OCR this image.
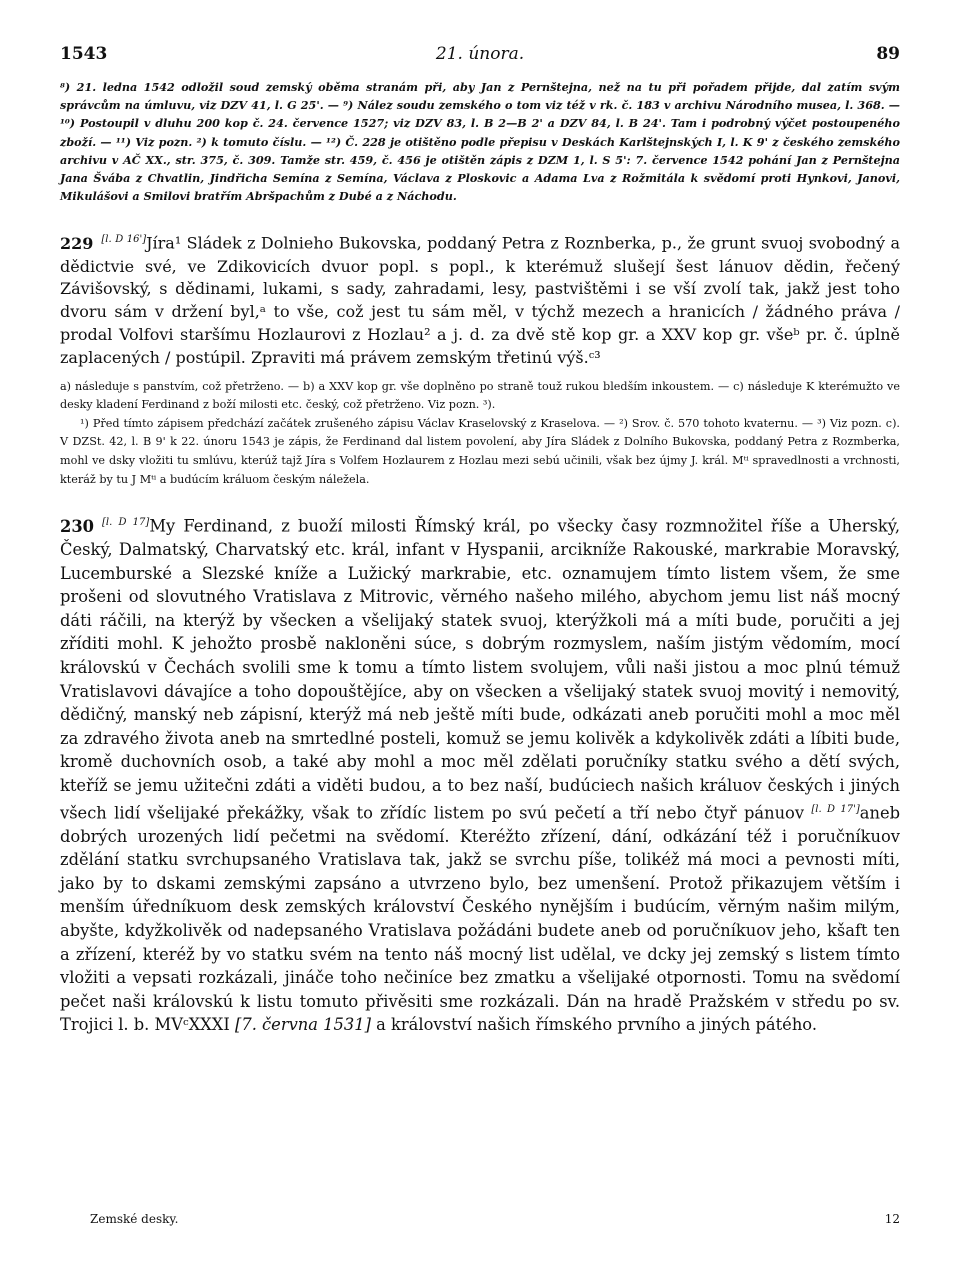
1543	21. února.	89
⁸) 21. ledna 1542 odložil soud zemský oběma stranám při, aby Jan z Pernštejna, než na tu při pořadem přijde, dal zatím svým správcům na úmluvu, viz DZV 41, l. G 25'. — ⁹) Nález soudu zemského o tom viz též v rk. č. 183 v archivu Národního musea, l. 368. — ¹⁰) Postoupil v dluhu 200 kop č. 24. července 1527; viz DZV 83, l. B 2—B 2' a DZV 84, l. B 24'. Tam i podrobný výčet postoupeného zboží. — ¹¹) Viz pozn. ²) k tomuto číslu. — ¹²) Č. 228 je otištěno podle přepisu v Deskách Karlštejnských I, l. K 9' z českého zemského archivu v AČ XX., str. 375, č. 309. Tamže str. 459, č. 456 je otištěn zápis z DZM 1, l. S 5': 7. července 1542 pohání Jan z Pernštejna Jana Švába z Chvatlin, Jindřicha Semína z Semína, Václava z Ploskovic a Adama Lva z Rožmitála k svědomí proti Hynkovi, Janovi, Mikulášovi a Smilovi bratřím Abršpachům z Dubé a z Náchodu.
229 [l. D 16']Jíra¹ Sládek z Dolnieho Bukovska, poddaný Petra z Roznberka, p., že grunt svuoj svobodný a dědictvie své, ve Zdikovicích dvuor popl. s popl., k kterémuž slušejí šest lánuov dědin, řečený Závišovský, s dědinami, lukami, s sady, zahradami, lesy, pastvištěmi i se vší zvolí tak, jakž jest toho dvoru sám v držení byl,ᵃ to vše, což jest tu sám měl, v týchž mezech a hranicích / žádného práva / prodal Volfovi staršímu Hozlaurovi z Hozlau² a j. d. za dvě stě kop gr. a XXV kop gr. všeᵇ pr. č. úplně zaplacených / postúpil. Zpraviti má právem zemským třetinú výš.ᶜ³

a) následuje s panstvím, což přetrženo. — b) a XXV kop gr. vše doplněno po straně touž rukou bledším inkoustem. — c) následuje K kterémužto ve desky kladení Ferdinand z boží milosti etc. český, což přetrženo. Viz pozn. ³).

¹) Před tímto zápisem předchází začátek zrušeného zápisu Václav Kraselovský z Kraselova. — ²) Srov. č. 570 tohoto kvaternu. — ³) Viz pozn. c). V DZSt. 42, l. B 9' k 22. únoru 1543 je zápis, že Ferdinand dal listem povolení, aby Jíra Sládek z Dolního Bukovska, poddaný Petra z Rozmberka, mohl ve dsky vložiti tu smlúvu, kterúž tajž Jíra s Volfem Hozlaurem z Hozlau mezi sebú učinili, však bez újmy J. král. Mᵗⁱ spravedlnosti a vrchnosti, kteráž by tu J Mᵗⁱ a budúcím králuom českým náležela.

230 [l. D 17]My Ferdinand, z buoží milosti Římský král, po všecky časy rozmnožitel říše a Uherský, Český, Dalmatský, Charvatský etc. král, infant v Hyspanii, arcikníže Rakouské, markrabie Moravský, Lucemburské a Slezské kníže a Lužický markrabie, etc. oznamujem tímto listem všem, že sme prošeni od slovutného Vratislava z Mitrovic, věrného našeho milého, abychom jemu list náš mocný dáti ráčili, na kterýž by všecken a všelijaký statek svuoj, kterýžkoli má a míti bude, poručiti a jej zříditi mohl. K jehožto prosbě nakloněni súce, s dobrým rozmyslem, naším jistým vědomím, mocí královskú v Čechách svolili sme k tomu a tímto listem svolujem, vůli naši jistou a moc plnú témuž Vratislavovi dávajíce a toho dopouštějíce, aby on všecken a všelijaký statek svuoj movitý i nemovitý, dědičný, manský neb zápisní, kterýž má neb ještě míti bude, odkázati aneb poručiti mohl a moc měl za zdravého života aneb na smrtedlné posteli, komuž se jemu kolivěk a kdykolivěk zdáti a líbiti bude, kromě duchovních osob, a také aby mohl a moc měl zdělati poručníky statku svého a dětí svých, kteříž se jemu užitečni zdáti a viděti budou, a to bez naší, budúciech našich králuov českých i jiných všech lidí všelijaké překážky, však to zřídíc listem po svú pečetí a tří nebo čtyř pánuov [l. D 17']aneb dobrých urozených lidí pečetmi na svědomí. Kteréžto zřízení, dání, odkázání též i poručníkuov zdělání statku svrchupsaného Vratislava tak, jakž se svrchu píše, tolikéž má moci a pevnosti míti, jako by to dskami zemskými zapsáno a utvrzeno bylo, bez umenšení. Protož přikazujem větším i menším úředníkuom desk zemských království Českého nynějším i budúcím, věrným našim milým, abyšte, kdyžkolivěk od nadepsaného Vratislava požádáni budete aneb od poručníkuov jeho, kšaft ten a zřízení, kteréž by vo statku svém na tento náš mocný list udělal, ve dcky jej zemský s listem tímto vložiti a vepsati rozkázali, jináče toho nečiníce bez zmatku a všelijaké otpornosti. Tomu na svědomí pečet naši královskú k listu tomuto přivěsiti sme rozkázali. Dán na hradě Pražském v středu po sv. Trojici l. b. MVᶜXXXI [7. června 1531] a království našich římského prvního a jiných pátého.
Zemské desky.	12
